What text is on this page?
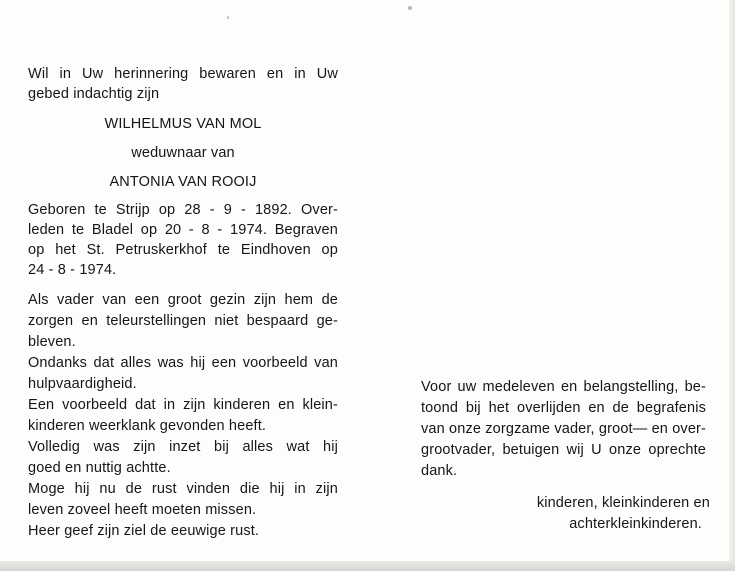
Wil in Uw herinnering bewaren en in Uw
gebed indachtig zijn
WILHELMUS VAN MOL
weduwnaar van
ANTONIA VAN ROOIJ
Geboren te Strijp op 28 - 9 - 1892. Over-
leden te Bladel op 20 - 8 - 1974. Begraven
op het St. Petruskerkhof te Eindhoven op
24 - 8 - 1974.
Als vader van een groot gezin zijn hem de
zorgen en teleurstellingen niet bespaard ge-
bleven.
Ondanks dat alles was hij een voorbeeld van
hulpvaardigheid.
Een voorbeeld dat in zijn kinderen en klein-
kinderen weerklank gevonden heeft.
Volledig was zijn inzet bij alles wat hij
goed en nuttig achtte.
Moge hij nu de rust vinden die hij in zijn
leven zoveel heeft moeten missen.
Heer geef zijn ziel de eeuwige rust.
Voor uw medeleven en belangstelling, be-
toond bij het overlijden en de begrafenis
van onze zorgzame vader, groot— en over-
grootvader, betuigen wij U onze oprechte
dank.
kinderen, kleinkinderen en
achterkleinkinderen.
